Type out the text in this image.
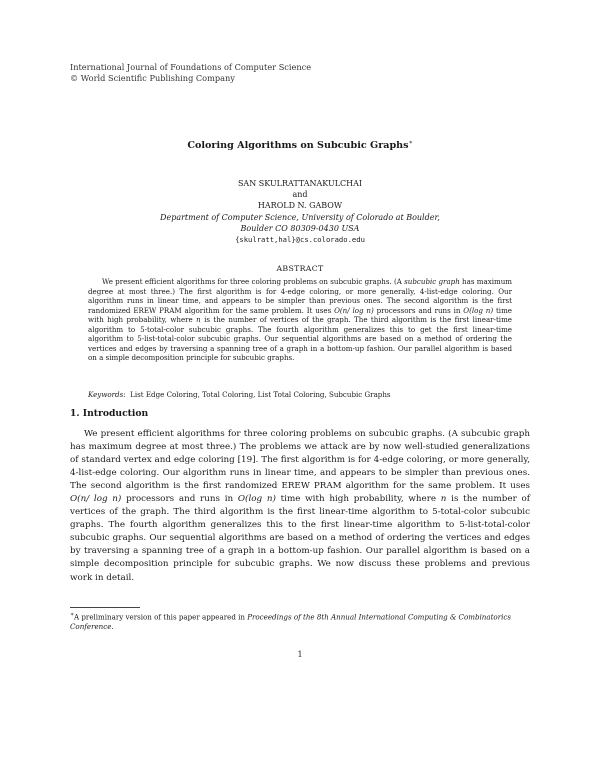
International Journal of Foundations of Computer Science
© World Scientific Publishing Company
Coloring Algorithms on Subcubic Graphs∗
SAN SKULRATTANAKULCHAI
and
HAROLD N. GABOW
Department of Computer Science, University of Colorado at Boulder,
Boulder CO 80309-0430 USA
{skulratt,hal}@cs.colorado.edu
ABSTRACT

We present efficient algorithms for three coloring problems on subcubic graphs. (A subcubic graph has maximum degree at most three.) The first algorithm is for 4-edge coloring, or more generally, 4-list-edge coloring. Our algorithm runs in linear time, and appears to be simpler than previous ones. The second algorithm is the first randomized EREW PRAM algorithm for the same problem. It uses O(n/ log n) processors and runs in O(log n) time with high probability, where n is the number of vertices of the graph. The third algorithm is the first linear-time algorithm to 5-total-color subcubic graphs. The fourth algorithm generalizes this to get the first linear-time algorithm to 5-list-total-color subcubic graphs. Our sequential algorithms are based on a method of ordering the vertices and edges by traversing a spanning tree of a graph in a bottom-up fashion. Our parallel algorithm is based on a simple decomposition principle for subcubic graphs.

Keywords: List Edge Coloring, Total Coloring, List Total Coloring, Subcubic Graphs
1. Introduction

We present efficient algorithms for three coloring problems on subcubic graphs. (A subcubic graph has maximum degree at most three.) The problems we attack are by now well-studied generalizations of standard vertex and edge coloring [19]. The first algorithm is for 4-edge coloring, or more generally, 4-list-edge coloring. Our algorithm runs in linear time, and appears to be simpler than previous ones. The second algorithm is the first randomized EREW PRAM algorithm for the same problem. It uses O(n/ log n) processors and runs in O(log n) time with high probability, where n is the number of vertices of the graph. The third algorithm is the first linear-time algorithm to 5-total-color subcubic graphs. The fourth algorithm generalizes this to the first linear-time algorithm to 5-list-total-color subcubic graphs. Our sequential algorithms are based on a method of ordering the vertices and edges by traversing a spanning tree of a graph in a bottom-up fashion. Our parallel algorithm is based on a simple decomposition principle for subcubic graphs. We now discuss these problems and previous work in detail.

∗A preliminary version of this paper appeared in Proceedings of the 8th Annual International Computing & Combinatorics Conference.
1
